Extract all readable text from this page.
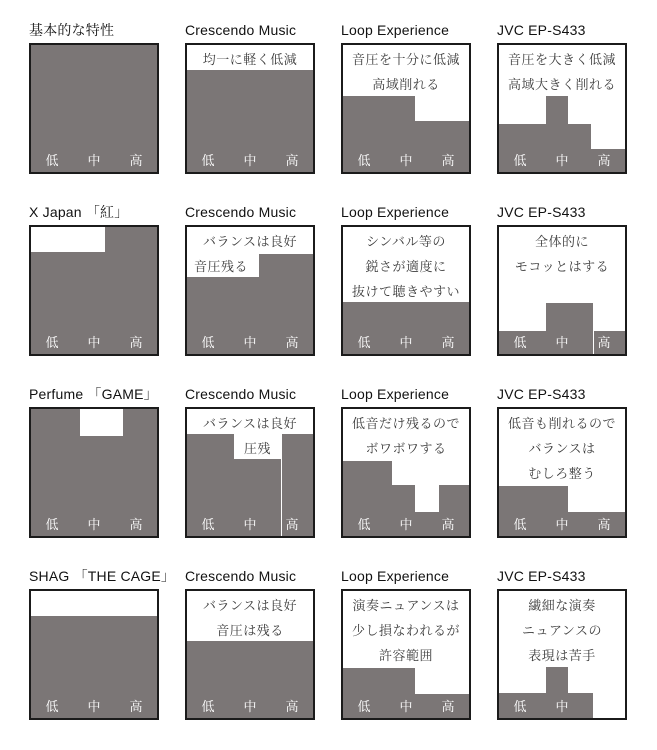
基本的な特性
低	中	高
Crescendo Music
均一に軽く低減
低	中	高
Loop Experience
音圧を十分に低減
高域削れる
低	中	高
JVC EP-S433
音圧を大きく低減
高域大きく削れる
低	中	高
X Japan 「紅」
低	中	高
Crescendo Music
バランスは良好
音圧残る
低	中	高
Loop Experience
シンバル等の
鋭さが適度に
抜けて聴きやすい
低	中	高
JVC EP-S433
全体的に
モコッとはする
低	中	高
Perfume 「GAME」
低	中	高
Crescendo Music
バランスは良好
圧残
低	中	高
Loop Experience
低音だけ残るので
ボワボワする
低	中	高
JVC EP-S433
低音も削れるので
バランスは
むしろ整う
低	中	高
SHAG 「THE CAGE」
低	中	高
Crescendo Music
バランスは良好
音圧は残る
低	中	高
Loop Experience
演奏ニュアンスは
少し損なわれるが
許容範囲
低	中	高
JVC EP-S433
繊細な演奏
ニュアンスの
表現は苦手
低	中	高
